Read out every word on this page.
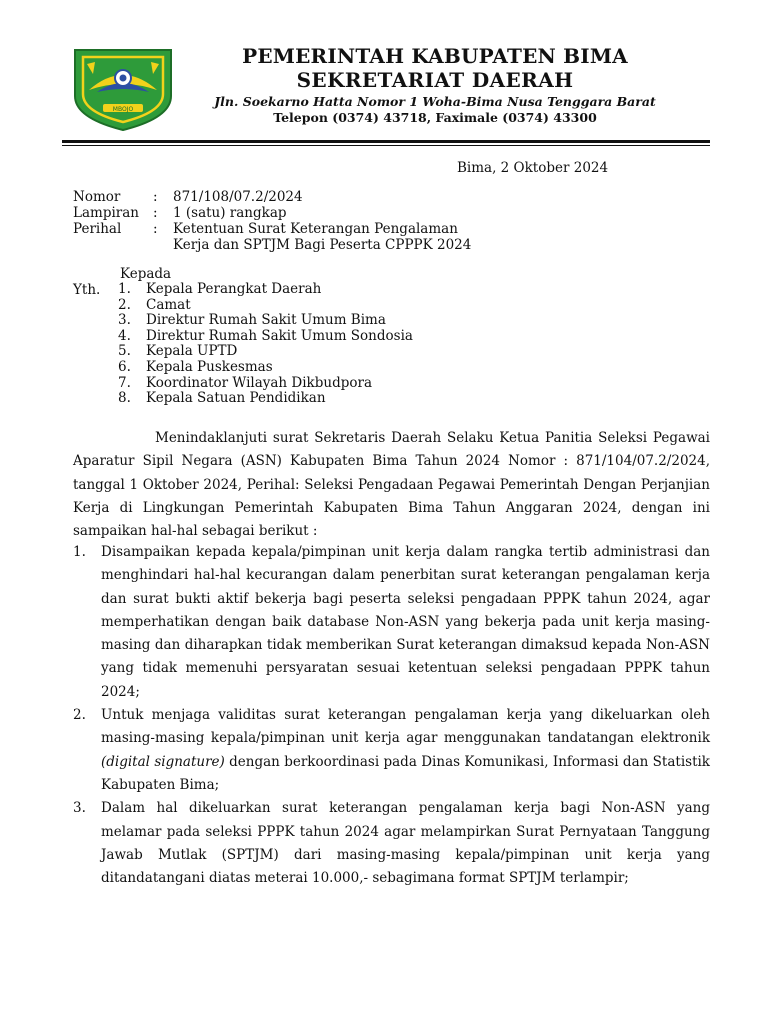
MBOJO
PEMERINTAH KABUPATEN BIMA
SEKRETARIAT DAERAH
Jln. Soekarno Hatta Nomor 1 Woha-Bima Nusa Tenggara Barat
Telepon (0374) 43718, Faximale (0374) 43300
Bima, 2 Oktober 2024
Nomor	:	871/108/07.2/2024
Lampiran	:	1 (satu) rangkap
Perihal	:	Ketentuan Surat Keterangan Pengalaman
Kerja dan SPTJM Bagi Peserta CPPPK 2024
Kepada
Yth. 1.	Kepala Perangkat Daerah
2.	Camat
3.	Direktur Rumah Sakit Umum Bima
4.	Direktur Rumah Sakit Umum Sondosia
5.	Kepala UPTD
6.	Kepala Puskesmas
7.	Koordinator Wilayah Dikbudpora
8.	Kepala Satuan Pendidikan
Menindaklanjuti surat Sekretaris Daerah Selaku Ketua Panitia Seleksi Pegawai Aparatur Sipil Negara (ASN) Kabupaten Bima Tahun 2024 Nomor : 871/104/07.2/2024, tanggal 1 Oktober 2024, Perihal: Seleksi Pengadaan Pegawai Pemerintah Dengan Perjanjian Kerja di Lingkungan Pemerintah Kabupaten Bima Tahun Anggaran 2024, dengan ini sampaikan hal-hal sebagai berikut :
1.	Disampaikan kepada kepala/pimpinan unit kerja dalam rangka tertib administrasi dan menghindari hal-hal kecurangan dalam penerbitan surat keterangan pengalaman kerja dan surat bukti aktif bekerja bagi peserta seleksi pengadaan PPPK tahun 2024, agar memperhatikan dengan baik database Non-ASN yang bekerja pada unit kerja masing-masing dan diharapkan tidak memberikan Surat keterangan dimaksud kepada Non-ASN yang tidak memenuhi persyaratan sesuai ketentuan seleksi pengadaan PPPK tahun 2024;
2.	Untuk menjaga validitas surat keterangan pengalaman kerja yang dikeluarkan oleh masing-masing kepala/pimpinan unit kerja agar menggunakan tandatangan elektronik (digital signature) dengan berkoordinasi pada Dinas Komunikasi, Informasi dan Statistik Kabupaten Bima;
3.	Dalam hal dikeluarkan surat keterangan pengalaman kerja bagi Non-ASN yang melamar pada seleksi PPPK tahun 2024 agar melampirkan Surat Pernyataan Tanggung Jawab Mutlak (SPTJM) dari masing-masing kepala/pimpinan unit kerja yang ditandatangani diatas meterai 10.000,- sebagimana format SPTJM terlampir;
